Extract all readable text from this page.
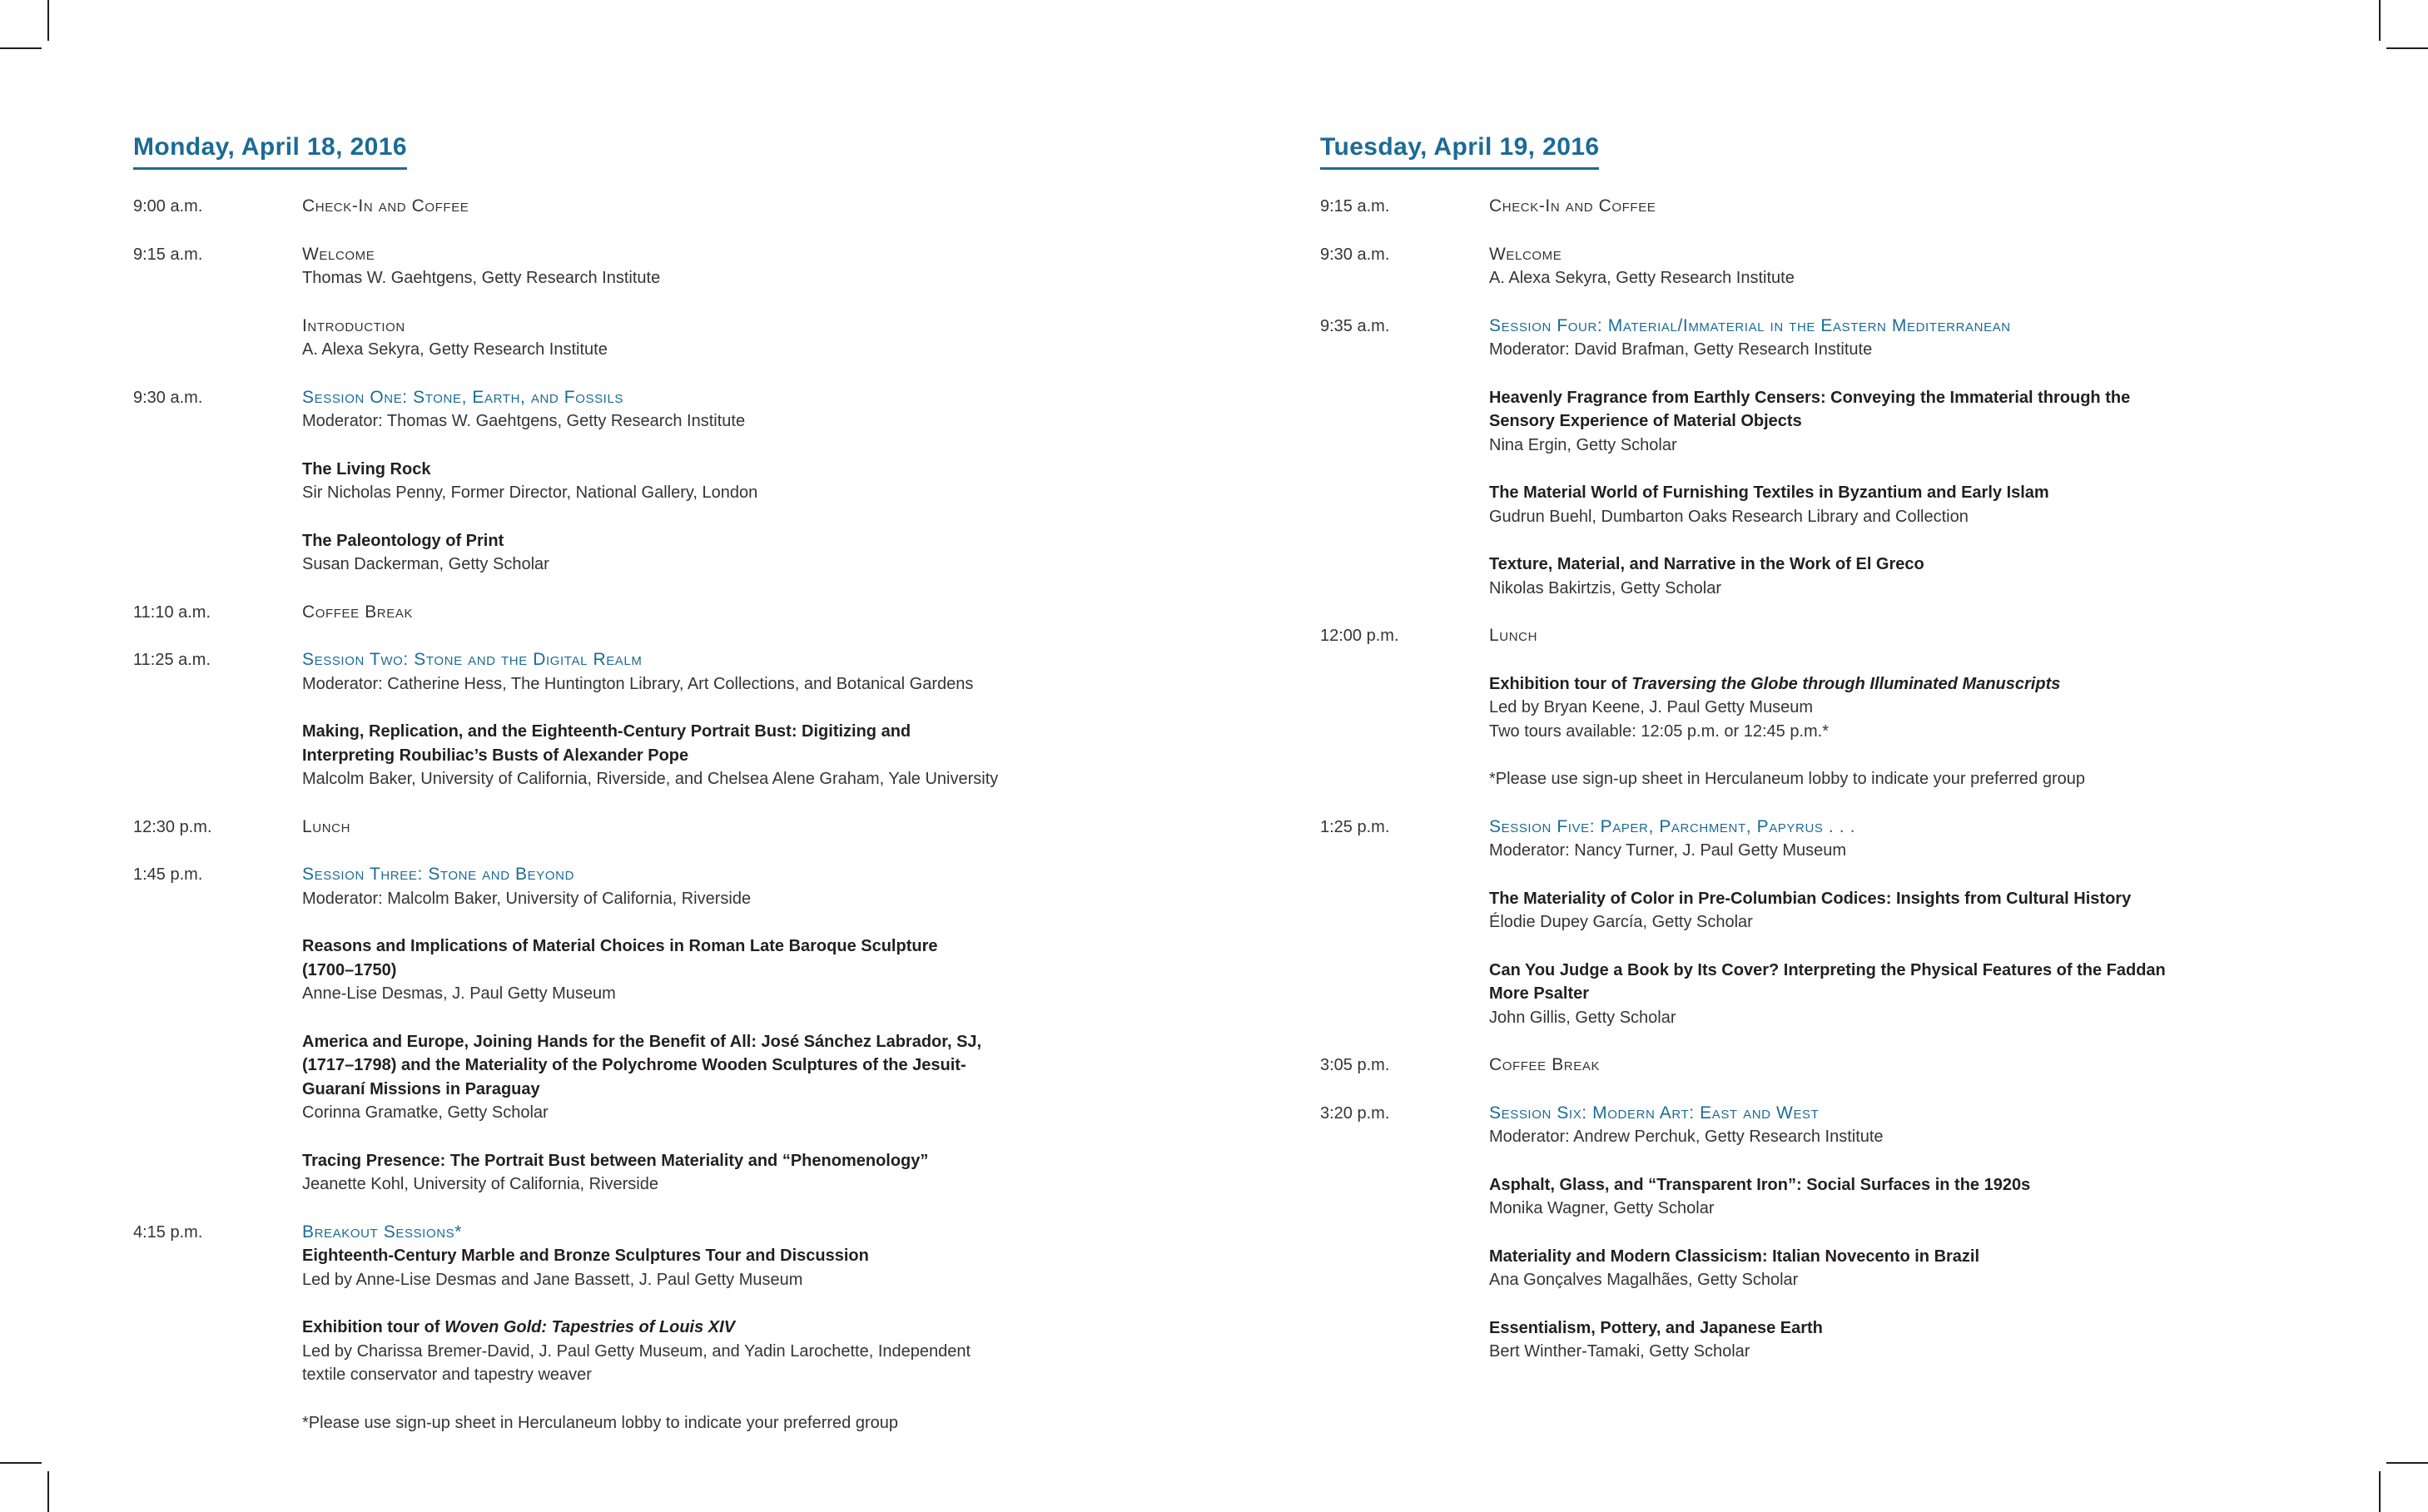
Monday, April 18, 2016
9:00 a.m.	Check-In and Coffee
9:15 a.m.	Welcome
Thomas W. Gaehtgens, Getty Research Institute
Introduction
A. Alexa Sekyra, Getty Research Institute
9:30 a.m.	Session One: Stone, Earth, and Fossils
Moderator: Thomas W. Gaehtgens, Getty Research Institute
The Living Rock
Sir Nicholas Penny, Former Director, National Gallery, London
The Paleontology of Print
Susan Dackerman, Getty Scholar
11:10 a.m.	Coffee Break
11:25 a.m.	Session Two: Stone and the Digital Realm
Moderator: Catherine Hess, The Huntington Library, Art Collections, and Botanical Gardens
Making, Replication, and the Eighteenth-Century Portrait Bust: Digitizing and
Interpreting Roubiliac’s Busts of Alexander Pope
Malcolm Baker, University of California, Riverside, and Chelsea Alene Graham, Yale University
12:30 p.m.	Lunch
1:45 p.m.	Session Three: Stone and Beyond
Moderator: Malcolm Baker, University of California, Riverside
Reasons and Implications of Material Choices in Roman Late Baroque Sculpture
(1700–1750)
Anne-Lise Desmas, J. Paul Getty Museum
America and Europe, Joining Hands for the Benefit of All: José Sánchez Labrador, SJ,
(1717–1798) and the Materiality of the Polychrome Wooden Sculptures of the Jesuit-
Guaraní Missions in Paraguay
Corinna Gramatke, Getty Scholar
Tracing Presence: The Portrait Bust between Materiality and “Phenomenology”
Jeanette Kohl, University of California, Riverside
4:15 p.m.	Breakout Sessions*
Eighteenth-Century Marble and Bronze Sculptures Tour and Discussion
Led by Anne-Lise Desmas and Jane Bassett, J. Paul Getty Museum
Exhibition tour of Woven Gold: Tapestries of Louis XIV
Led by Charissa Bremer-David, J. Paul Getty Museum, and Yadin Larochette, Independent
textile conservator and tapestry weaver
*Please use sign-up sheet in Herculaneum lobby to indicate your preferred group
Tuesday, April 19, 2016
9:15 a.m.	Check-In and Coffee
9:30 a.m.	Welcome
A. Alexa Sekyra, Getty Research Institute
9:35 a.m.	Session Four: Material/Immaterial in the Eastern Mediterranean
Moderator: David Brafman, Getty Research Institute
Heavenly Fragrance from Earthly Censers: Conveying the Immaterial through the
Sensory Experience of Material Objects
Nina Ergin, Getty Scholar
The Material World of Furnishing Textiles in Byzantium and Early Islam
Gudrun Buehl, Dumbarton Oaks Research Library and Collection
Texture, Material, and Narrative in the Work of El Greco
Nikolas Bakirtzis, Getty Scholar
12:00 p.m.	Lunch
Exhibition tour of Traversing the Globe through Illuminated Manuscripts
Led by Bryan Keene, J. Paul Getty Museum
Two tours available: 12:05 p.m. or 12:45 p.m.*
*Please use sign-up sheet in Herculaneum lobby to indicate your preferred group
1:25 p.m.	Session Five: Paper, Parchment, Papyrus . . .
Moderator: Nancy Turner, J. Paul Getty Museum
The Materiality of Color in Pre-Columbian Codices: Insights from Cultural History
Élodie Dupey García, Getty Scholar
Can You Judge a Book by Its Cover? Interpreting the Physical Features of the Faddan
More Psalter
John Gillis, Getty Scholar
3:05 p.m.	Coffee Break
3:20 p.m.	Session Six: Modern Art: East and West
Moderator: Andrew Perchuk, Getty Research Institute
Asphalt, Glass, and “Transparent Iron”: Social Surfaces in the 1920s
Monika Wagner, Getty Scholar
Materiality and Modern Classicism: Italian Novecento in Brazil
Ana Gonçalves Magalhães, Getty Scholar
Essentialism, Pottery, and Japanese Earth
Bert Winther-Tamaki, Getty Scholar
